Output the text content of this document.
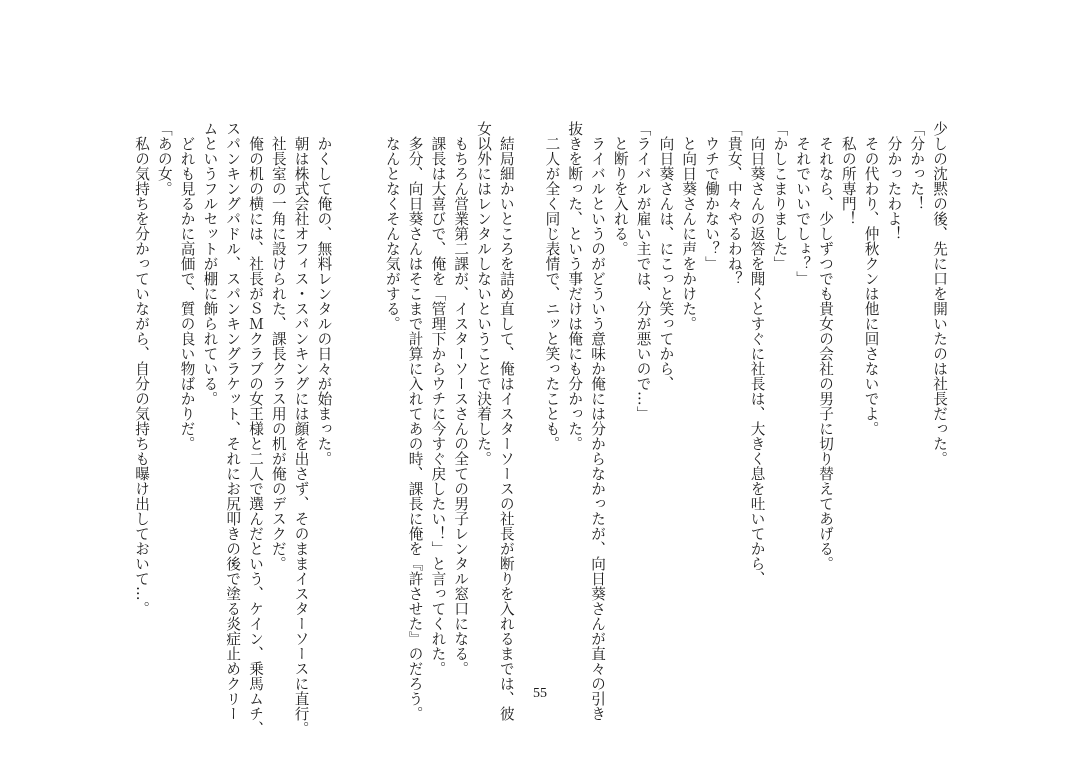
少しの沈黙の後、先に口を開いたのは社長だった。
「分かった！
　分かったわよ！
　その代わり、仲秋クンは他に回さないでよ。
　私の所専門！
　それなら、少しずつでも貴女の会社の男子に切り替えてあげる。
　それでいいでしょ？」
「かしこまりました」
　向日葵さんの返答を聞くとすぐに社長は、大きく息を吐いてから、
「貴女、中々やるわね？
　ウチで働かない？」
　と向日葵さんに声をかけた。
　向日葵さんは、にこっと笑ってから、
「ライバルが雇い主では、分が悪いので…」
　と断りを入れる。
　ライバルというのがどういう意味か俺には分からなかったが、向日葵さんが直々の引き
抜きを断った、という事だけは俺にも分かった。
　二人が全く同じ表情で、ニッと笑ったことも。
　結局細かいところを詰め直して、俺はイスターソースの社長が断りを入れるまでは、彼
女以外にはレンタルしないということで決着した。
　もちろん営業第二課が、イスターソースさんの全ての男子レンタル窓口になる。
　課長は大喜びで、俺を「管理下からウチに今すぐ戻したい！」と言ってくれた。
　多分、向日葵さんはそこまで計算に入れてあの時、課長に俺を『許させた』のだろう。
　なんとなくそんな気がする。
　かくして俺の、無料レンタルの日々が始まった。
　朝は株式会社オフィス・スパンキングには顔を出さず、そのままイスターソースに直行。
　社長室の一角に設けられた、課長クラス用の机が俺のデスクだ。
　俺の机の横には、社長がＳＭクラブの女王様と二人で選んだという、ケイン、乗馬ムチ、
スパンキングパドル、スパンキングラケット、それにお尻叩きの後で塗る炎症止めクリー
ムというフルセットが棚に飾られている。
　どれも見るかに高価で、質の良い物ばかりだ。
「あの女。
　私の気持ちを分かっていながら、自分の気持ちも曝け出しておいて…。
55
